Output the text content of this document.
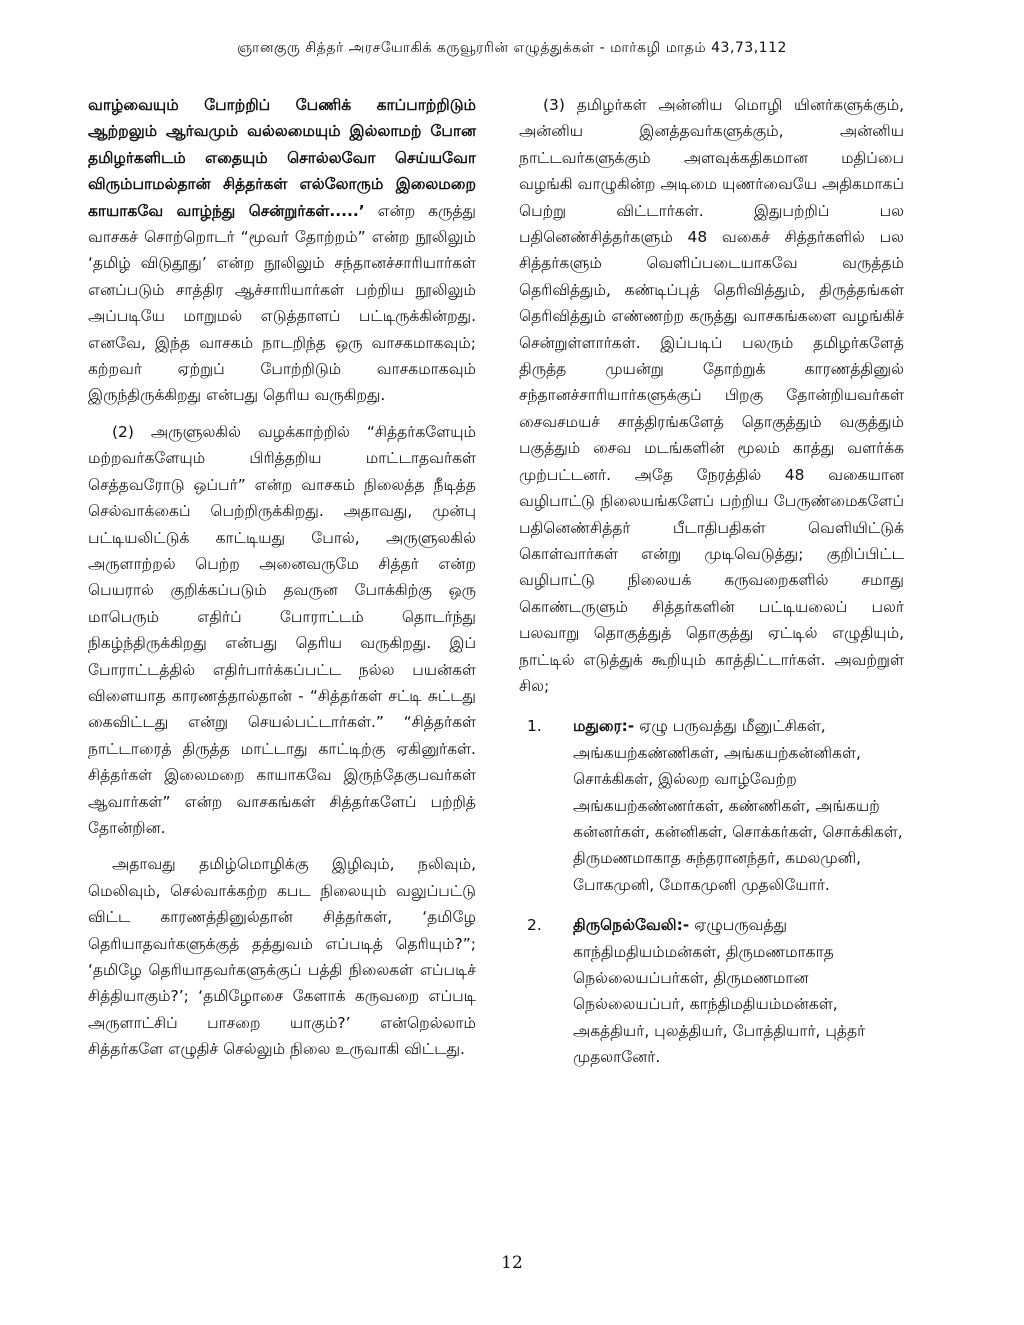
ஞானகுரு சித்தர் அரசயோகிக் கருவூரரின் எழுத்துக்கள் - மார்கழி மாதம் 43,73,112

வாழ்வையும் போற்றிப் பேணிக் காப்பாற்றிடும் ஆற்றலும் ஆர்வமும் வல்லமையும் இல்லாமற் போன தமிழர்களிடம் எதையும் சொல்லவோ செய்யவோ விரும்பாமல்தான் சித்தர்கள் எல்லோரும் இலைமறை காயாகவே வாழ்ந்து சென்றுர்கள்.....’ என்ற கருத்து வாசகச் சொற்றொடர் “மூவர் தோற்றம்” என்ற நூலிலும் ‘தமிழ் விடுதூது’ என்ற நூலிலும் சந்தானச்சாரியார்கள் எனப்படும் சாத்திர ஆச்சாரியார்கள் பற்றிய நூலிலும் அப்படியே மாறுமல் எடுத்தாளப் பட்டிருக்கின்றது. எனவே, இந்த வாசகம் நாடறிந்த ஒரு வாசகமாகவும்; கற்றவர் ஏற்றுப் போற்றிடும் வாசகமாகவும் இருந்திருக்கிறது என்பது தெரிய வருகிறது.

(2) அருளுலகில் வழக்காற்றில் “சித்தர்களேயும் மற்றவர்களேயும் பிரித்தறிய மாட்டாதவர்கள் செத்தவரோடு ஒப்பர்” என்ற வாசகம் நிலைத்த நீடித்த செல்வாக்கைப் பெற்றிருக்கிறது. அதாவது, முன்பு பட்டியலிட்டுக் காட்டியது போல், அருளுலகில் அருளாற்றல் பெற்ற அனைவருமே சித்தர் என்ற பெயரால் குறிக்கப்படும் தவருன போக்கிற்கு ஒரு மாபெரும் எதிர்ப் போராட்டம் தொடர்ந்து நிகழ்ந்திருக்கிறது என்பது தெரிய வருகிறது. இப் போராட்டத்தில் எதிர்பார்க்கப்பட்ட நல்ல பயன்கள் விளையாத காரணத்தால்தான் - “சித்தர்கள் சட்டி சுட்டது கைவிட்டது என்று செயல்பட்டார்கள்.” “சித்தர்கள் நாட்டாரைத் திருத்த மாட்டாது காட்டிற்கு ஏகினுர்கள். சித்தர்கள் இலைமறை காயாகவே இருந்தேகுபவர்கள் ஆவார்கள்” என்ற வாசகங்கள் சித்தர்களேப் பற்றித் தோன்றின.

அதாவது தமிழ்மொழிக்கு இழிவும், நலிவும், மெலிவும், செல்வாக்கற்ற கபட நிலையும் வலுப்பட்டு விட்ட காரணத்தினுல்தான் சித்தர்கள், ‘தமிழே தெரியாதவர்களுக்குத் தத்துவம் எப்படித் தெரியும்?”; ‘தமிழே தெரியாதவர்களுக்குப் பத்தி நிலைகள் எப்படிச் சித்தியாகும்?’; ‘தமிழோசை கேளாக் கருவறை எப்படி அருளாட்சிப் பாசறை யாகும்?’ என்றெல்லாம் சித்தர்களே எழுதிச் செல்லும் நிலை உருவாகி விட்டது.

(3) தமிழர்கள் அன்னிய மொழி யினர்களுக்கும், அன்னிய இனத்தவர்களுக்கும், அன்னிய நாட்டவர்களுக்கும் அளவுக்கதிகமான மதிப்பை வழங்கி வாழுகின்ற அடிமை யுணர்வையே அதிகமாகப் பெற்று விட்டார்கள். இதுபற்றிப் பல பதினெண்சித்தர்களும் 48 வகைச் சித்தர்களில் பல சித்தர்களும் வெளிப்படையாகவே வருத்தம் தெரிவித்தும், கண்டிப்புத் தெரிவித்தும், திருத்தங்கள் தெரிவித்தும் எண்ணற்ற கருத்து வாசகங்களை வழங்கிச் சென்றுள்ளார்கள். இப்படிப் பலரும் தமிழர்களேத் திருத்த முயன்று தோற்றுக் காரணத்தினுல் சந்தானச்சாரியார்களுக்குப் பிறகு தோன்றியவர்கள் சைவசமயச் சாத்திரங்களேத் தொகுத்தும் வகுத்தும் பகுத்தும் சைவ மடங்களின் மூலம் காத்து வளர்க்க முற்பட்டனர். அதே நேரத்தில் 48 வகையான வழிபாட்டு நிலையங்களேப் பற்றிய பேருண்மைகளேப் பதினெண்சித்தர் பீடாதிபதிகள் வெளியிட்டுக் கொள்வார்கள் என்று முடிவெடுத்து; குறிப்பிட்ட வழிபாட்டு நிலையக் கருவறைகளில் சமாது கொண்டருளும் சித்தர்களின் பட்டியலைப் பலர் பலவாறு தொகுத்துத் தொகுத்து ஏட்டில் எழுதியும், நாட்டில் எடுத்துக் கூறியும் காத்திட்டார்கள். அவற்றுள் சில;

1.	மதுரை:- ஏழு பருவத்து மீனுட்சிகள், அங்கயற்கண்ணிகள், அங்கயற்கன்னிகள், சொக்கிகள், இல்லற வாழ்வேற்ற அங்கயற்கண்ணர்கள், கண்ணிகள், அங்கயற் கன்னர்கள், கன்னிகள், சொக்கர்கள், சொக்கிகள், திருமணமாகாத சுந்தரானந்தர், கமலமுனி, போகமுனி, மோகமுனி முதலியோர்.
2.	திருநெல்வேலி:- ஏழுபருவத்து காந்திமதியம்மன்கள், திருமணமாகாத நெல்லையப்பர்கள், திருமணமான நெல்லையப்பர், காந்திமதியம்மன்கள், அகத்தியர், புலத்தியர், போத்தியார், புத்தர் முதலானேர்.
12
